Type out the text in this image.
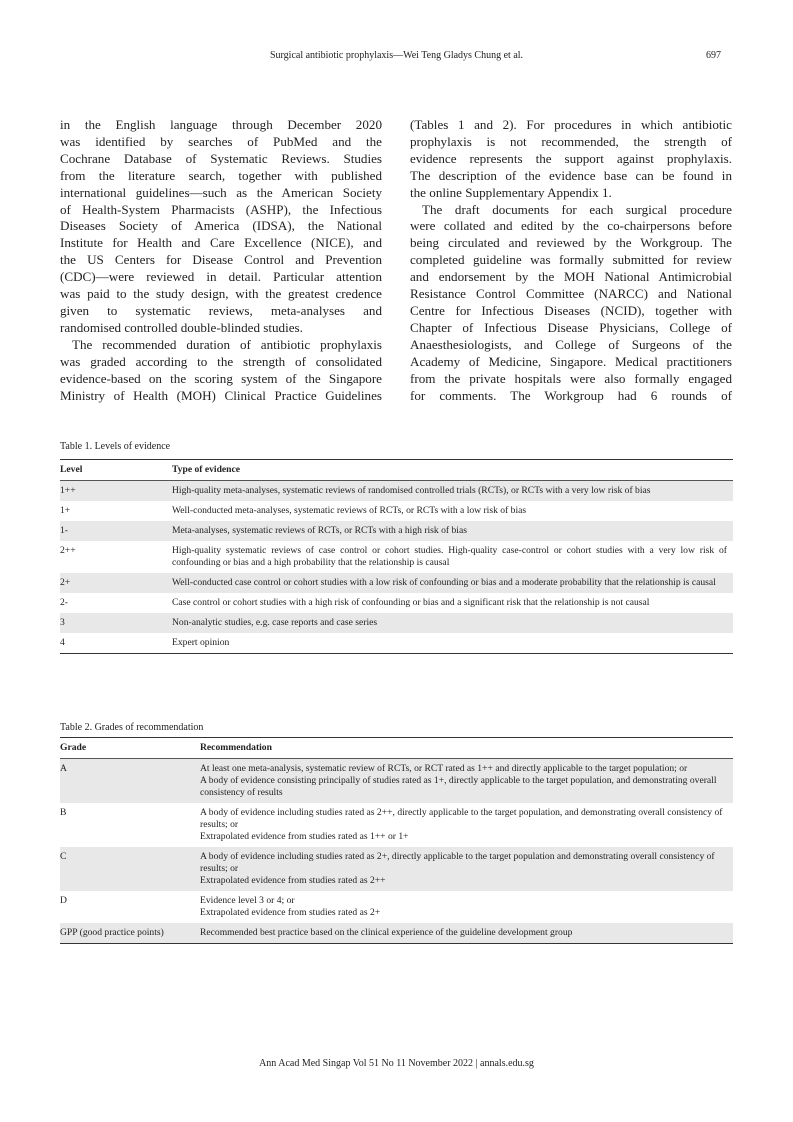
Surgical antibiotic prophylaxis—Wei Teng Gladys Chung et al.	697
in the English language through December 2020
was identified by searches of PubMed and the
Cochrane Database of Systematic Reviews. Studies
from the literature search, together with published
international guidelines—such as the American Society
of Health-System Pharmacists (ASHP), the Infectious
Diseases Society of America (IDSA), the National
Institute for Health and Care Excellence (NICE), and
the US Centers for Disease Control and Prevention
(CDC)—were reviewed in detail. Particular attention
was paid to the study design, with the greatest credence
given to systematic reviews, meta-analyses and
randomised controlled double-blinded studies.
The recommended duration of antibiotic prophylaxis
was graded according to the strength of consolidated
evidence-based on the scoring system of the Singapore
Ministry of Health (MOH) Clinical Practice Guidelines
(Tables 1 and 2). For procedures in which antibiotic
prophylaxis is not recommended, the strength of
evidence represents the support against prophylaxis.
The description of the evidence base can be found in
the online Supplementary Appendix 1.
The draft documents for each surgical procedure
were collated and edited by the co-chairpersons before
being circulated and reviewed by the Workgroup. The
completed guideline was formally submitted for review
and endorsement by the MOH National Antimicrobial
Resistance Control Committee (NARCC) and National
Centre for Infectious Diseases (NCID), together with
Chapter of Infectious Disease Physicians, College of
Anaesthesiologists, and College of Surgeons of the
Academy of Medicine, Singapore. Medical practitioners
from the private hospitals were also formally engaged
for comments. The Workgroup had 6 rounds of
Table 1. Levels of evidence
Level	Type of evidence
1++	High-quality meta-analyses, systematic reviews of randomised controlled trials (RCTs), or RCTs with a very low risk of bias

1+	Well-conducted meta-analyses, systematic reviews of RCTs, or RCTs with a low risk of bias

1-	Meta-analyses, systematic reviews of RCTs, or RCTs with a high risk of bias

2++	High-quality systematic reviews of case control or cohort studies. High-quality case-control or cohort studies with a very low risk of confounding or bias and a high probability that the relationship is causal

2+	Well-conducted case control or cohort studies with a low risk of confounding or bias and a moderate probability that the relationship is causal

2-	Case control or cohort studies with a high risk of confounding or bias and a significant risk that the relationship is not causal

3	Non-analytic studies, e.g. case reports and case series

4	Expert opinion
Table 2. Grades of recommendation
Grade	Recommendation
A	At least one meta-analysis, systematic review of RCTs, or RCT rated as 1++ and directly applicable to the target population; or
A body of evidence consisting principally of studies rated as 1+, directly applicable to the target population, and demonstrating overall consistency of results

B	A body of evidence including studies rated as 2++, directly applicable to the target population, and demonstrating overall consistency of results; or
Extrapolated evidence from studies rated as 1++ or 1+

C	A body of evidence including studies rated as 2+, directly applicable to the target population and demonstrating overall consistency of results; or
Extrapolated evidence from studies rated as 2++

D	Evidence level 3 or 4; or
Extrapolated evidence from studies rated as 2+

GPP (good practice points)	Recommended best practice based on the clinical experience of the guideline development group
Ann Acad Med Singap Vol 51 No 11 November 2022 | annals.edu.sg
